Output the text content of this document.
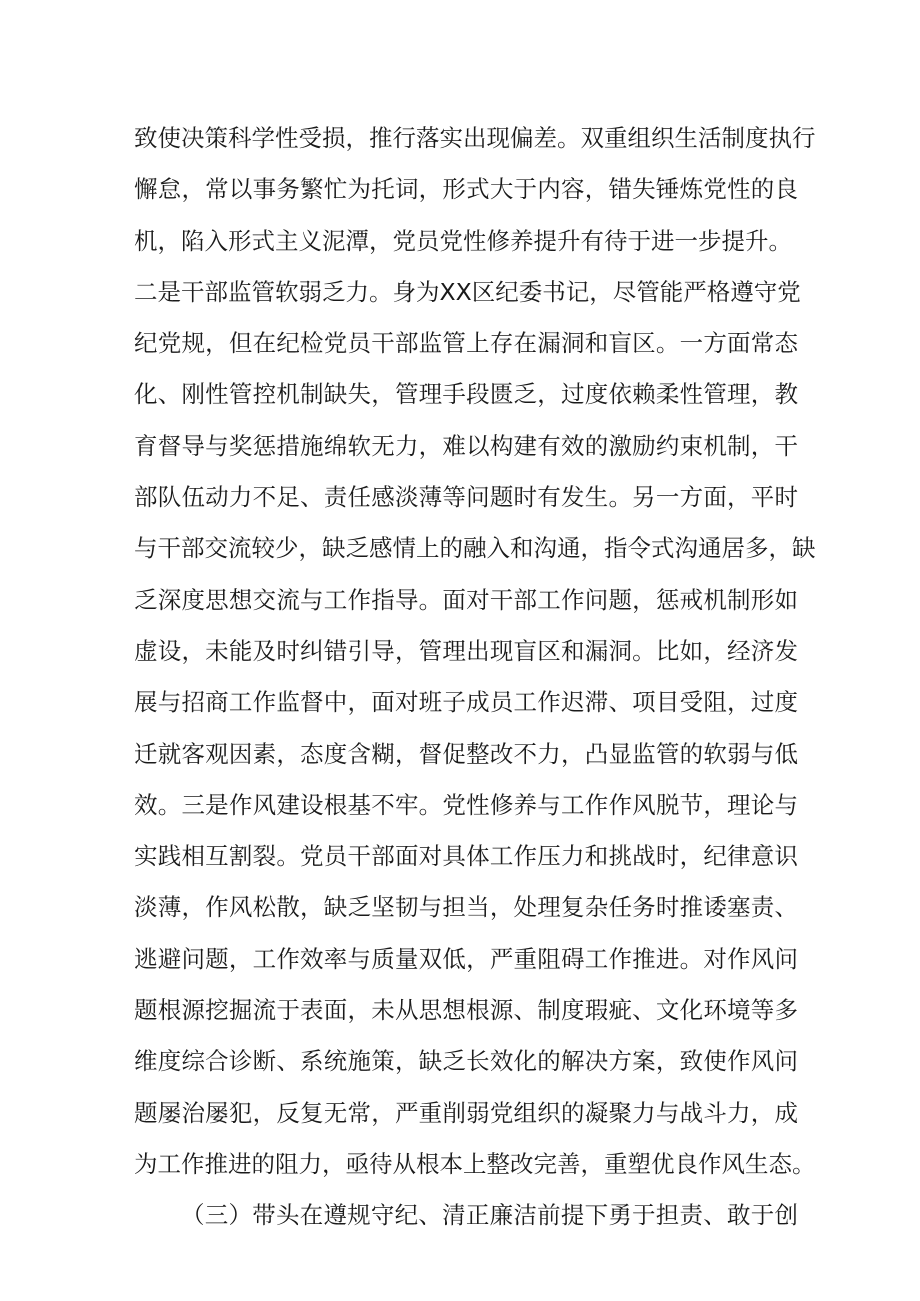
致使决策科学性受损，推行落实出现偏差。双重组织生活制度执行
懈怠，常以事务繁忙为托词，形式大于内容，错失锤炼党性的良
机，陷入形式主义泥潭，党员党性修养提升有待于进一步提升。
二是干部监管软弱乏力。身为XX区纪委书记，尽管能严格遵守党
纪党规，但在纪检党员干部监管上存在漏洞和盲区。一方面常态
化、刚性管控机制缺失，管理手段匮乏，过度依赖柔性管理，教
育督导与奖惩措施绵软无力，难以构建有效的激励约束机制，干
部队伍动力不足、责任感淡薄等问题时有发生。另一方面，平时
与干部交流较少，缺乏感情上的融入和沟通，指令式沟通居多，缺
乏深度思想交流与工作指导。面对干部工作问题，惩戒机制形如
虚设，未能及时纠错引导，管理出现盲区和漏洞。比如，经济发
展与招商工作监督中，面对班子成员工作迟滞、项目受阻，过度
迁就客观因素，态度含糊，督促整改不力，凸显监管的软弱与低
效。三是作风建设根基不牢。党性修养与工作作风脱节，理论与
实践相互割裂。党员干部面对具体工作压力和挑战时，纪律意识
淡薄，作风松散，缺乏坚韧与担当，处理复杂任务时推诿塞责、
逃避问题，工作效率与质量双低，严重阻碍工作推进。对作风问
题根源挖掘流于表面，未从思想根源、制度瑕疵、文化环境等多
维度综合诊断、系统施策，缺乏长效化的解决方案，致使作风问
题屡治屡犯，反复无常，严重削弱党组织的凝聚力与战斗力，成
为工作推进的阻力，亟待从根本上整改完善，重塑优良作风生态。
（三）带头在遵规守纪、清正廉洁前提下勇于担责、敢于创
